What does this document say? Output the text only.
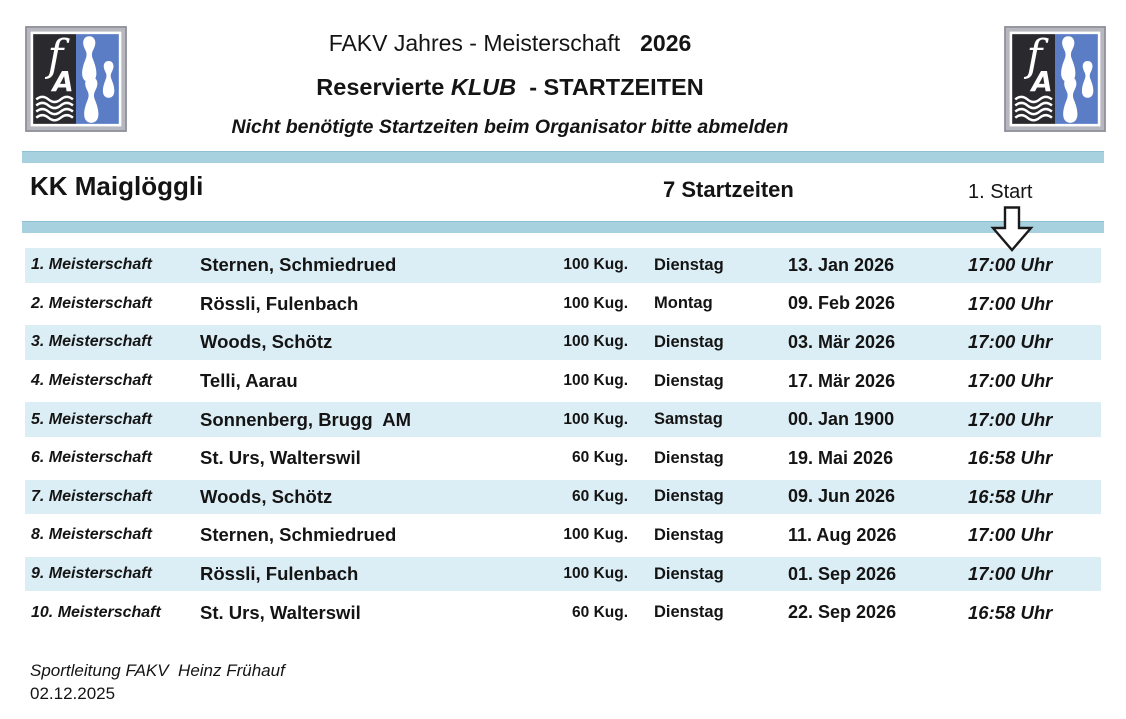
f
A
f
A
FAKV Jahres - Meisterschaft 2026
Reservierte KLUB  - STARTZEITEN
Nicht benötigte Startzeiten beim Organisator bitte abmelden
KK Maiglöggli	7 Startzeiten	1. Start
1. Meisterschaft	Sternen, Schmiedrued	100 Kug.	Dienstag	13. Jan 2026	17:00 Uhr
2. Meisterschaft	Rössli, Fulenbach	100 Kug.	Montag	09. Feb 2026	17:00 Uhr
3. Meisterschaft	Woods, Schötz	100 Kug.	Dienstag	03. Mär 2026	17:00 Uhr
4. Meisterschaft	Telli, Aarau	100 Kug.	Dienstag	17. Mär 2026	17:00 Uhr
5. Meisterschaft	Sonnenberg, Brugg  AM	100 Kug.	Samstag	00. Jan 1900	17:00 Uhr
6. Meisterschaft	St. Urs, Walterswil	60 Kug.	Dienstag	19. Mai 2026	16:58 Uhr
7. Meisterschaft	Woods, Schötz	60 Kug.	Dienstag	09. Jun 2026	16:58 Uhr
8. Meisterschaft	Sternen, Schmiedrued	100 Kug.	Dienstag	11. Aug 2026	17:00 Uhr
9. Meisterschaft	Rössli, Fulenbach	100 Kug.	Dienstag	01. Sep 2026	17:00 Uhr
10. Meisterschaft	St. Urs, Walterswil	60 Kug.	Dienstag	22. Sep 2026	16:58 Uhr
Sportleitung FAKV  Heinz Frühauf
02.12.2025
